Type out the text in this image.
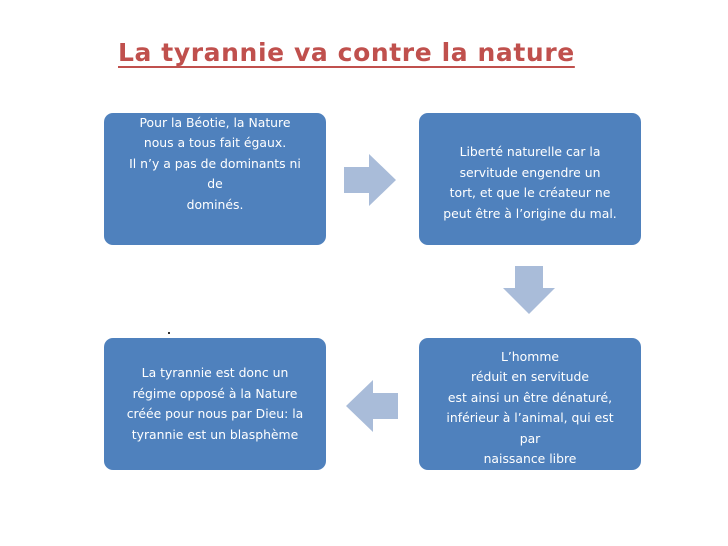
La tyrannie va contre la nature
Pour la Béotie, la Nature
nous a tous fait égaux.
Il n’y a pas de dominants ni
de
dominés.
Liberté naturelle car la
servitude engendre un
tort, et que le créateur ne
peut être à l’origine du mal.
L’homme
réduit en servitude
est ainsi un être dénaturé,
inférieur à l’animal, qui est
par
naissance libre
La tyrannie est donc un
régime opposé à la Nature
créée pour nous par Dieu: la
tyrannie est un blasphème
